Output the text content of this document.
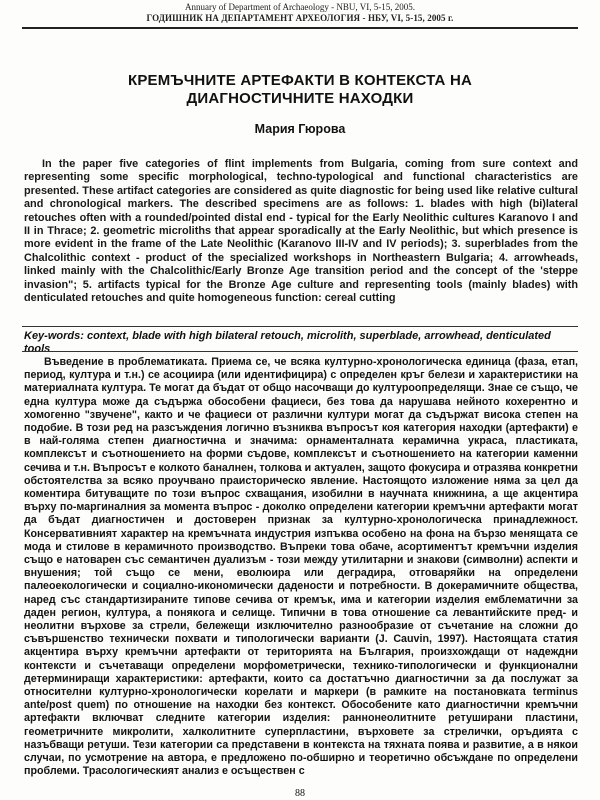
Annuary of Department of Archaeology - NBU, VI, 5-15, 2005.
ГОДИШНИК НА ДЕПАРТАМЕНТ АРХЕОЛОГИЯ - НБУ, VI, 5-15, 2005 г.
КРЕМЪЧНИТЕ АРТЕФАКТИ В КОНТЕКСТА НА
ДИАГНОСТИЧНИТЕ НАХОДКИ
Мария Гюрова

In the paper five categories of flint implements from Bulgaria, coming from sure context and representing some specific morphological, techno-typological and functional characteristics are presented. These artifact categories are considered as quite diagnostic for being used like relative cultural and chronological markers. The described specimens are as follows: 1. blades with high (bi)lateral retouches often with a rounded/pointed distal end - typical for the Early Neolithic cultures Karanovo I and II in Thrace; 2. geometric microliths that appear sporadically at the Early Neolithic, but which presence is more evident in the frame of the Late Neolithic (Karanovo III-IV and IV periods); 3. superblades from the Chalcolithic context - product of the specialized workshops in Northeastern Bulgaria; 4. arrowheads, linked mainly with the Chalcolithic/Early Bronze Age transition period and the concept of the 'steppe invasion"; 5. artifacts typical for the Bronze Age culture and representing tools (mainly blades) with denticulated retouches and quite homogeneous function: cereal cutting

Key-words: context, blade with high bilateral retouch, microlith, superblade, arrowhead, denticulated tools

Въведение в проблематиката. Приема се, че всяка културно-хронологическа единица (фаза, етап, период, култура и т.н.) се асоциира (или идентифицира) с определен кръг белези и характеристики на материалната култура. Те могат да бъдат от общо насочващи до културоопределящи. Знае се също, че една култура може да съдържа обособени фациеси, без това да нарушава нейното кохерентно и хомогенно "звучене", както и че фациеси от различни култури могат да съдържат висока степен на подобие. В този ред на разсъждения логично възниква въпросът коя категория находки (артефакти) е в най-голяма степен диагностична и значима: орнаменталната керамична украса, пластиката, комплексът и съотношението на форми съдове, комплексът и съотношението на категории каменни сечива и т.н. Въпросът е колкото баналнен, толкова и актуален, защото фокусира и отразява конкретни обстоятелства за всяко проучвано праисторическо явление. Настоящото изложение няма за цел да коментира битуващите по този въпрос схващания, изобилни в научната книжнина, а ще акцентира върху по-маргиналния за момента въпрос - доколко определени категории кремъчни артефакти могат да бъдат диагностичен и достоверен признак за културно-хронологическа принадлежност. Консервативният характер на кремъчната индустрия изпъква особено на фона на бързо менящата се мода и стилове в керамичното производство. Въпреки това обаче, асортиментът кремъчни изделия също е натоварен със семантичен дуализъм - този между утилитарни и знакови (символни) аспекти и внушения; той също се мени, еволюира или деградира, отговаряйки на определени палеоекологически и социално-икономически дадености и потребности. В докерамичните общества, наред със стандартизираните типове сечива от кремък, има и категории изделия емблематични за даден регион, култура, а понякога и селище. Типични в това отношение са левантийските пред- и неолитни върхове за стрели, бележещи изключително разнообразие от съчетание на сложни до съвършенство технически похвати и типологически варианти (J. Cauvin, 1997). Настоящата статия акцентира върху кремъчни артефакти от територията на България, произхождащи от надеждни контексти и съчетаващи определени морфометрически, технико-типологически и функционални детерминиращи характеристики: артефакти, които са достатъчно диагностични за да послужат за относителни културно-хронологически корелати и маркери (в рамките на постановката terminus ante/post quem) по отношение на находки без контекст. Обособените като диагностични кремъчни артефакти включват следните категории изделия: раннонеолитните ретуширани пластини, геометричните микролити, халколитните суперпластини, върховете за стрелички, оръдията с назъбващи ретуши. Тези категории са представени в контекста на тяхната поява и развитие, а в някои случаи, по усмотрение на автора, е предложено по-обширно и теоретично обсъждане по определени проблеми. Трасологическият анализ е осъществен с

88
